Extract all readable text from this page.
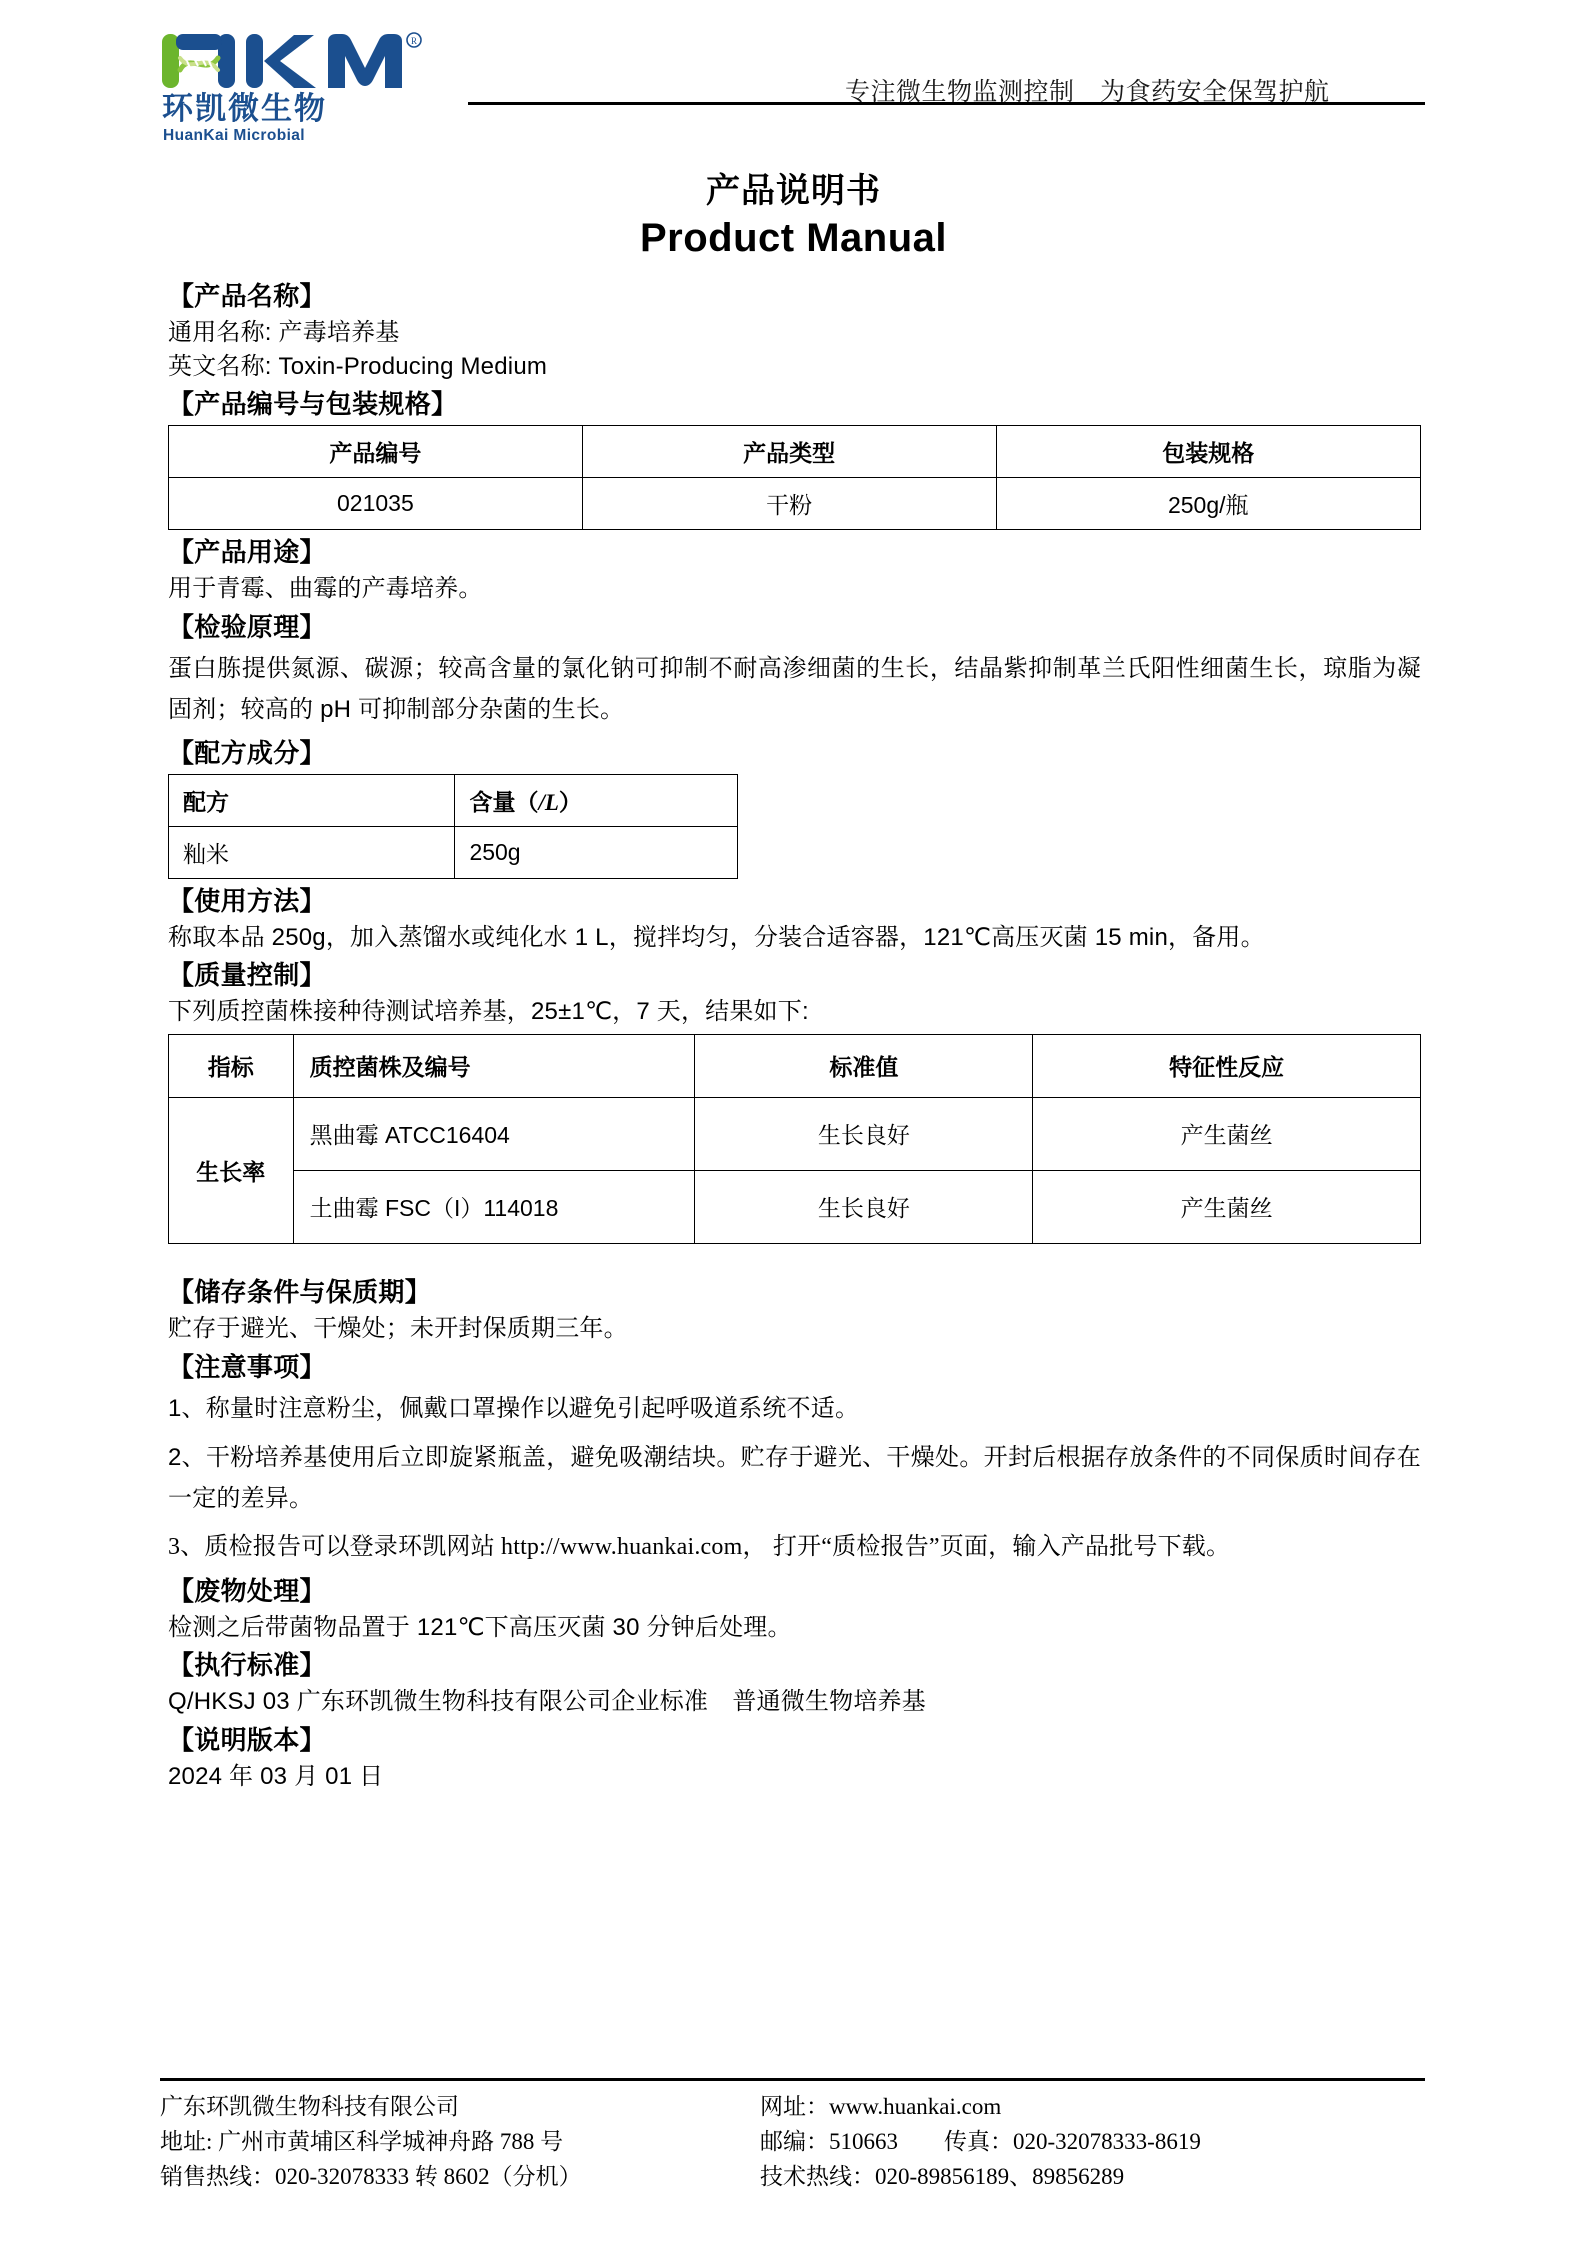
R
环凯微生物
HuanKai Microbial
专注微生物监测控制　为食药安全保驾护航
产品说明书
Product Manual
【产品名称】
通用名称: 产毒培养基
英文名称: Toxin-Producing Medium
【产品编号与包装规格】
产品编号	产品类型	包装规格
021035	干粉	250g/瓶
【产品用途】
用于青霉、曲霉的产毒培养。
【检验原理】
蛋白胨提供氮源、碳源；较高含量的氯化钠可抑制不耐高渗细菌的生长，结晶紫抑制革兰氏阳性细菌生长，琼脂为凝固剂；较高的 pH 可抑制部分杂菌的生长。
【配方成分】
配方	含量（/L）
籼米	250g
【使用方法】
称取本品 250g，加入蒸馏水或纯化水 1 L，搅拌均匀，分装合适容器，121℃高压灭菌 15 min，备用。
【质量控制】
下列质控菌株接种待测试培养基，25±1℃，7 天，结果如下:
指标	质控菌株及编号	标准值	特征性反应
生长率	黑曲霉 ATCC16404	生长良好	产生菌丝
	土曲霉 FSC（I）114018	生长良好	产生菌丝
【储存条件与保质期】
贮存于避光、干燥处；未开封保质期三年。
【注意事项】
1、称量时注意粉尘，佩戴口罩操作以避免引起呼吸道系统不适。
2、干粉培养基使用后立即旋紧瓶盖，避免吸潮结块。贮存于避光、干燥处。开封后根据存放条件的不同保质时间存在一定的差异。
3、质检报告可以登录环凯网站 http://www.huankai.com， 打开“质检报告”页面，输入产品批号下载。
【废物处理】
检测之后带菌物品置于 121℃下高压灭菌 30 分钟后处理。
【执行标准】
Q/HKSJ 03 广东环凯微生物科技有限公司企业标准　普通微生物培养基
【说明版本】
2024 年 03 月 01 日
广东环凯微生物科技有限公司
地址: 广州市黄埔区科学城神舟路 788 号
销售热线：020-32078333 转 8602（分机）
网址：www.huankai.com
邮编：510663　　传真：020-32078333-8619
技术热线：020-89856189、89856289
